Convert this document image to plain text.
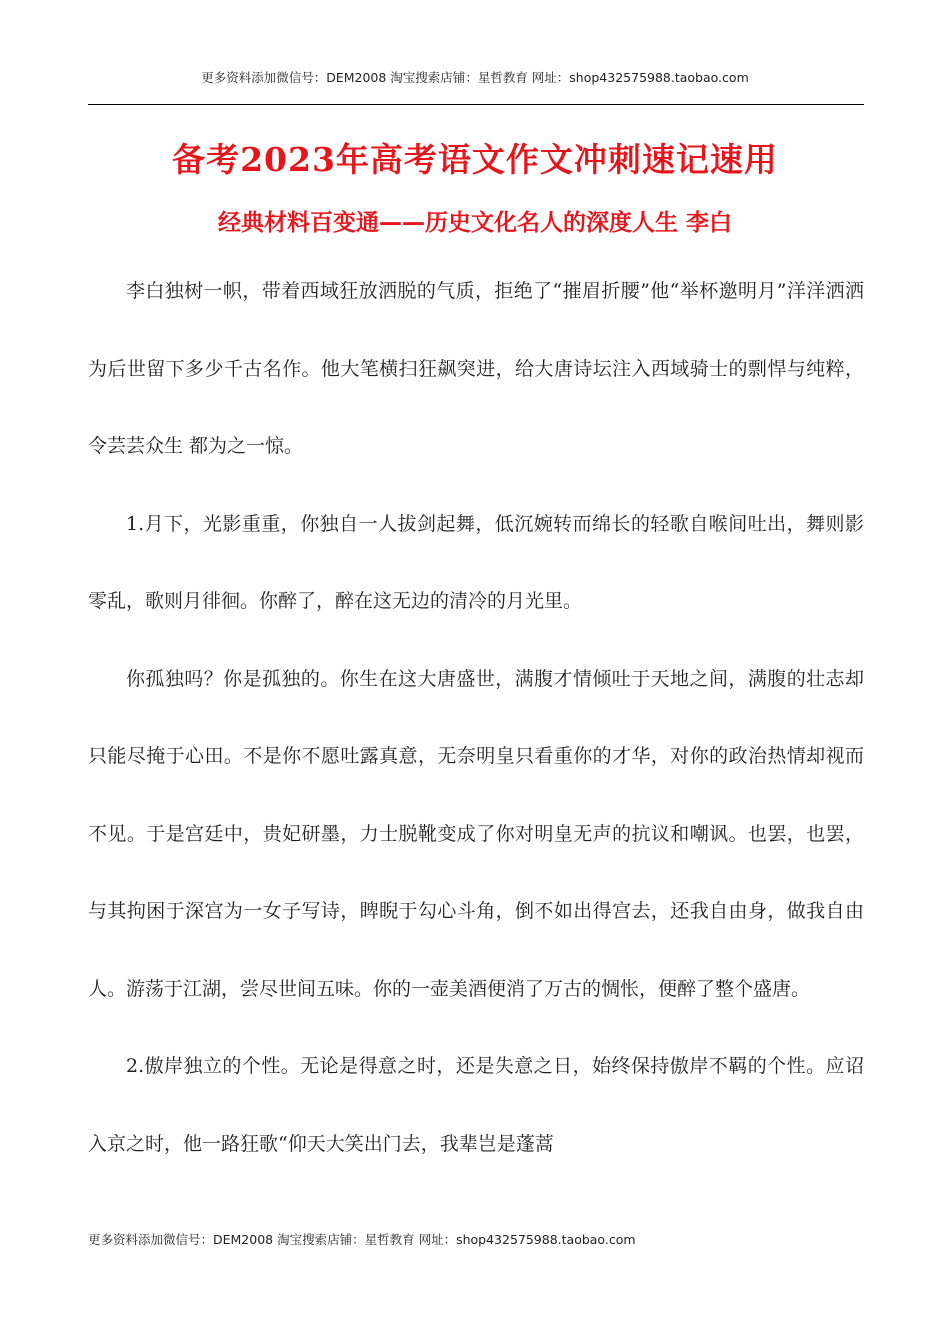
更多资料添加微信号：DEM2008 淘宝搜索店铺：星哲教育 网址：shop432575988.taobao.com
备考2023年高考语文作文冲刺速记速用
经典材料百变通——历史文化名人的深度人生 李白

李白独树一帜，带着西域狂放洒脱的气质，拒绝了“摧眉折腰”他“举杯邀明月”洋洋洒洒 为后世留下多少千古名作。他大笔横扫狂飙突进，给大唐诗坛注入西域骑士的剽悍与纯粹，令芸芸众生 都为之一惊。

1.月下，光影重重，你独自一人拔剑起舞，低沉婉转而绵长的轻歌自喉间吐出，舞则影零乱，歌则月徘徊。你醉了，醉在这无边的清冷的月光里。

你孤独吗？你是孤独的。你生在这大唐盛世，满腹才情倾吐于天地之间，满腹的壮志却只能尽掩于心田。不是你不愿吐露真意，无奈明皇只看重你的才华，对你的政治热情却视而不见。于是宫廷中，贵妃研墨，力士脱靴变成了你对明皇无声的抗议和嘲讽。也罢，也罢，与其拘困于深宫为一女子写诗，睥睨于勾心斗角，倒不如出得宫去，还我自由身，做我自由人。游荡于江湖，尝尽世间五味。你的一壶美酒便消了万古的惆怅，便醉了整个盛唐。

2.傲岸独立的个性。无论是得意之时，还是失意之日，始终保持傲岸不羁的个性。应诏入京之时，他一路狂歌“仰天大笑出门去，我辈岂是蓬蒿

更多资料添加微信号：DEM2008 淘宝搜索店铺：星哲教育 网址：shop432575988.taobao.com
